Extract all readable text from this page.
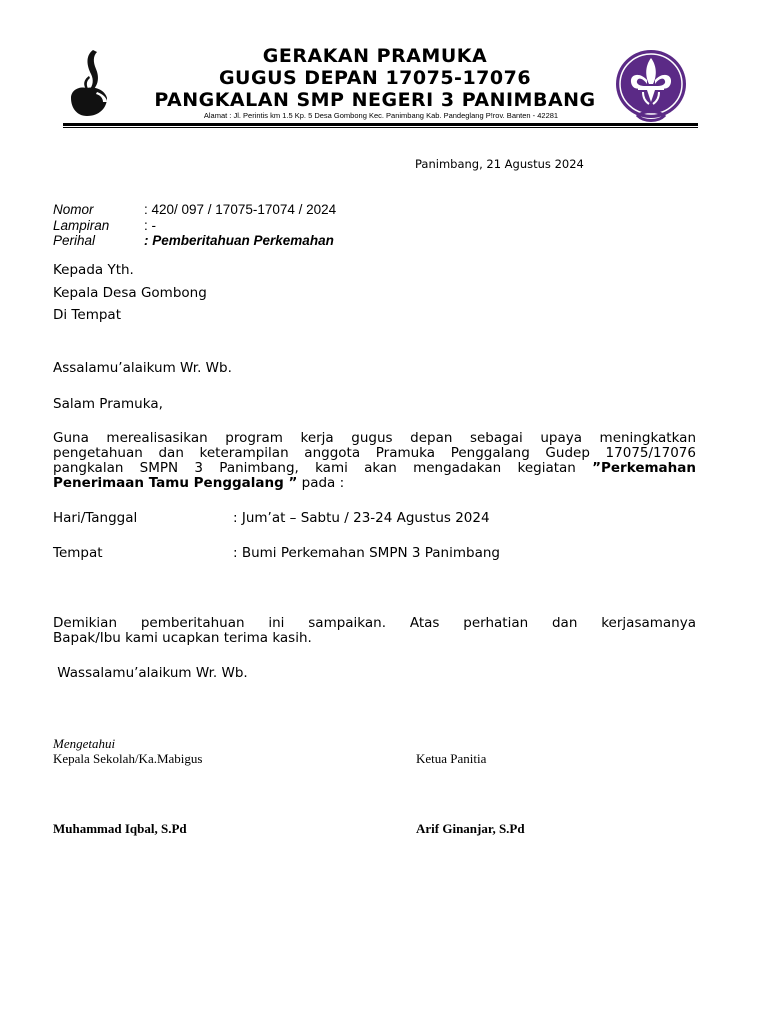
GERAKAN PRAMUKA
GUGUS DEPAN 17075-17076
PANGKALAN SMP NEGERI 3 PANIMBANG
Alamat : Jl. Perintis km 1.5 Kp. 5 Desa Gombong Kec. Panimbang Kab. Pandeglang P!rov. Banten - 42281
Panimbang, 21 Agustus 2024
Nomor	: 420/ 097 / 17075-17074 / 2024
Lampiran	: -
Perihal	: Pemberitahuan Perkemahan
Kepada Yth.
Kepala Desa Gombong
Di Tempat
Assalamu’alaikum Wr. Wb.
Salam Pramuka,
Guna merealisasikan program kerja gugus depan sebagai upaya meningkatkan
pengetahuan dan keterampilan anggota Pramuka Penggalang Gudep 17075/17076
pangkalan SMPN 3 Panimbang, kami akan mengadakan kegiatan ”Perkemahan
Penerimaan Tamu Penggalang ” pada :
Hari/Tanggal	: Jum’at – Sabtu / 23-24 Agustus 2024
Tempat	: Bumi Perkemahan SMPN 3 Panimbang
Demikian pemberitahuan ini sampaikan. Atas perhatian dan kerjasamanya
Bapak/Ibu kami ucapkan terima kasih.
Wassalamu’alaikum Wr. Wb.
Mengetahui
Kepala Sekolah/Ka.Mabigus
Muhammad Iqbal, S.Pd
Ketua Panitia
Arif Ginanjar, S.Pd
